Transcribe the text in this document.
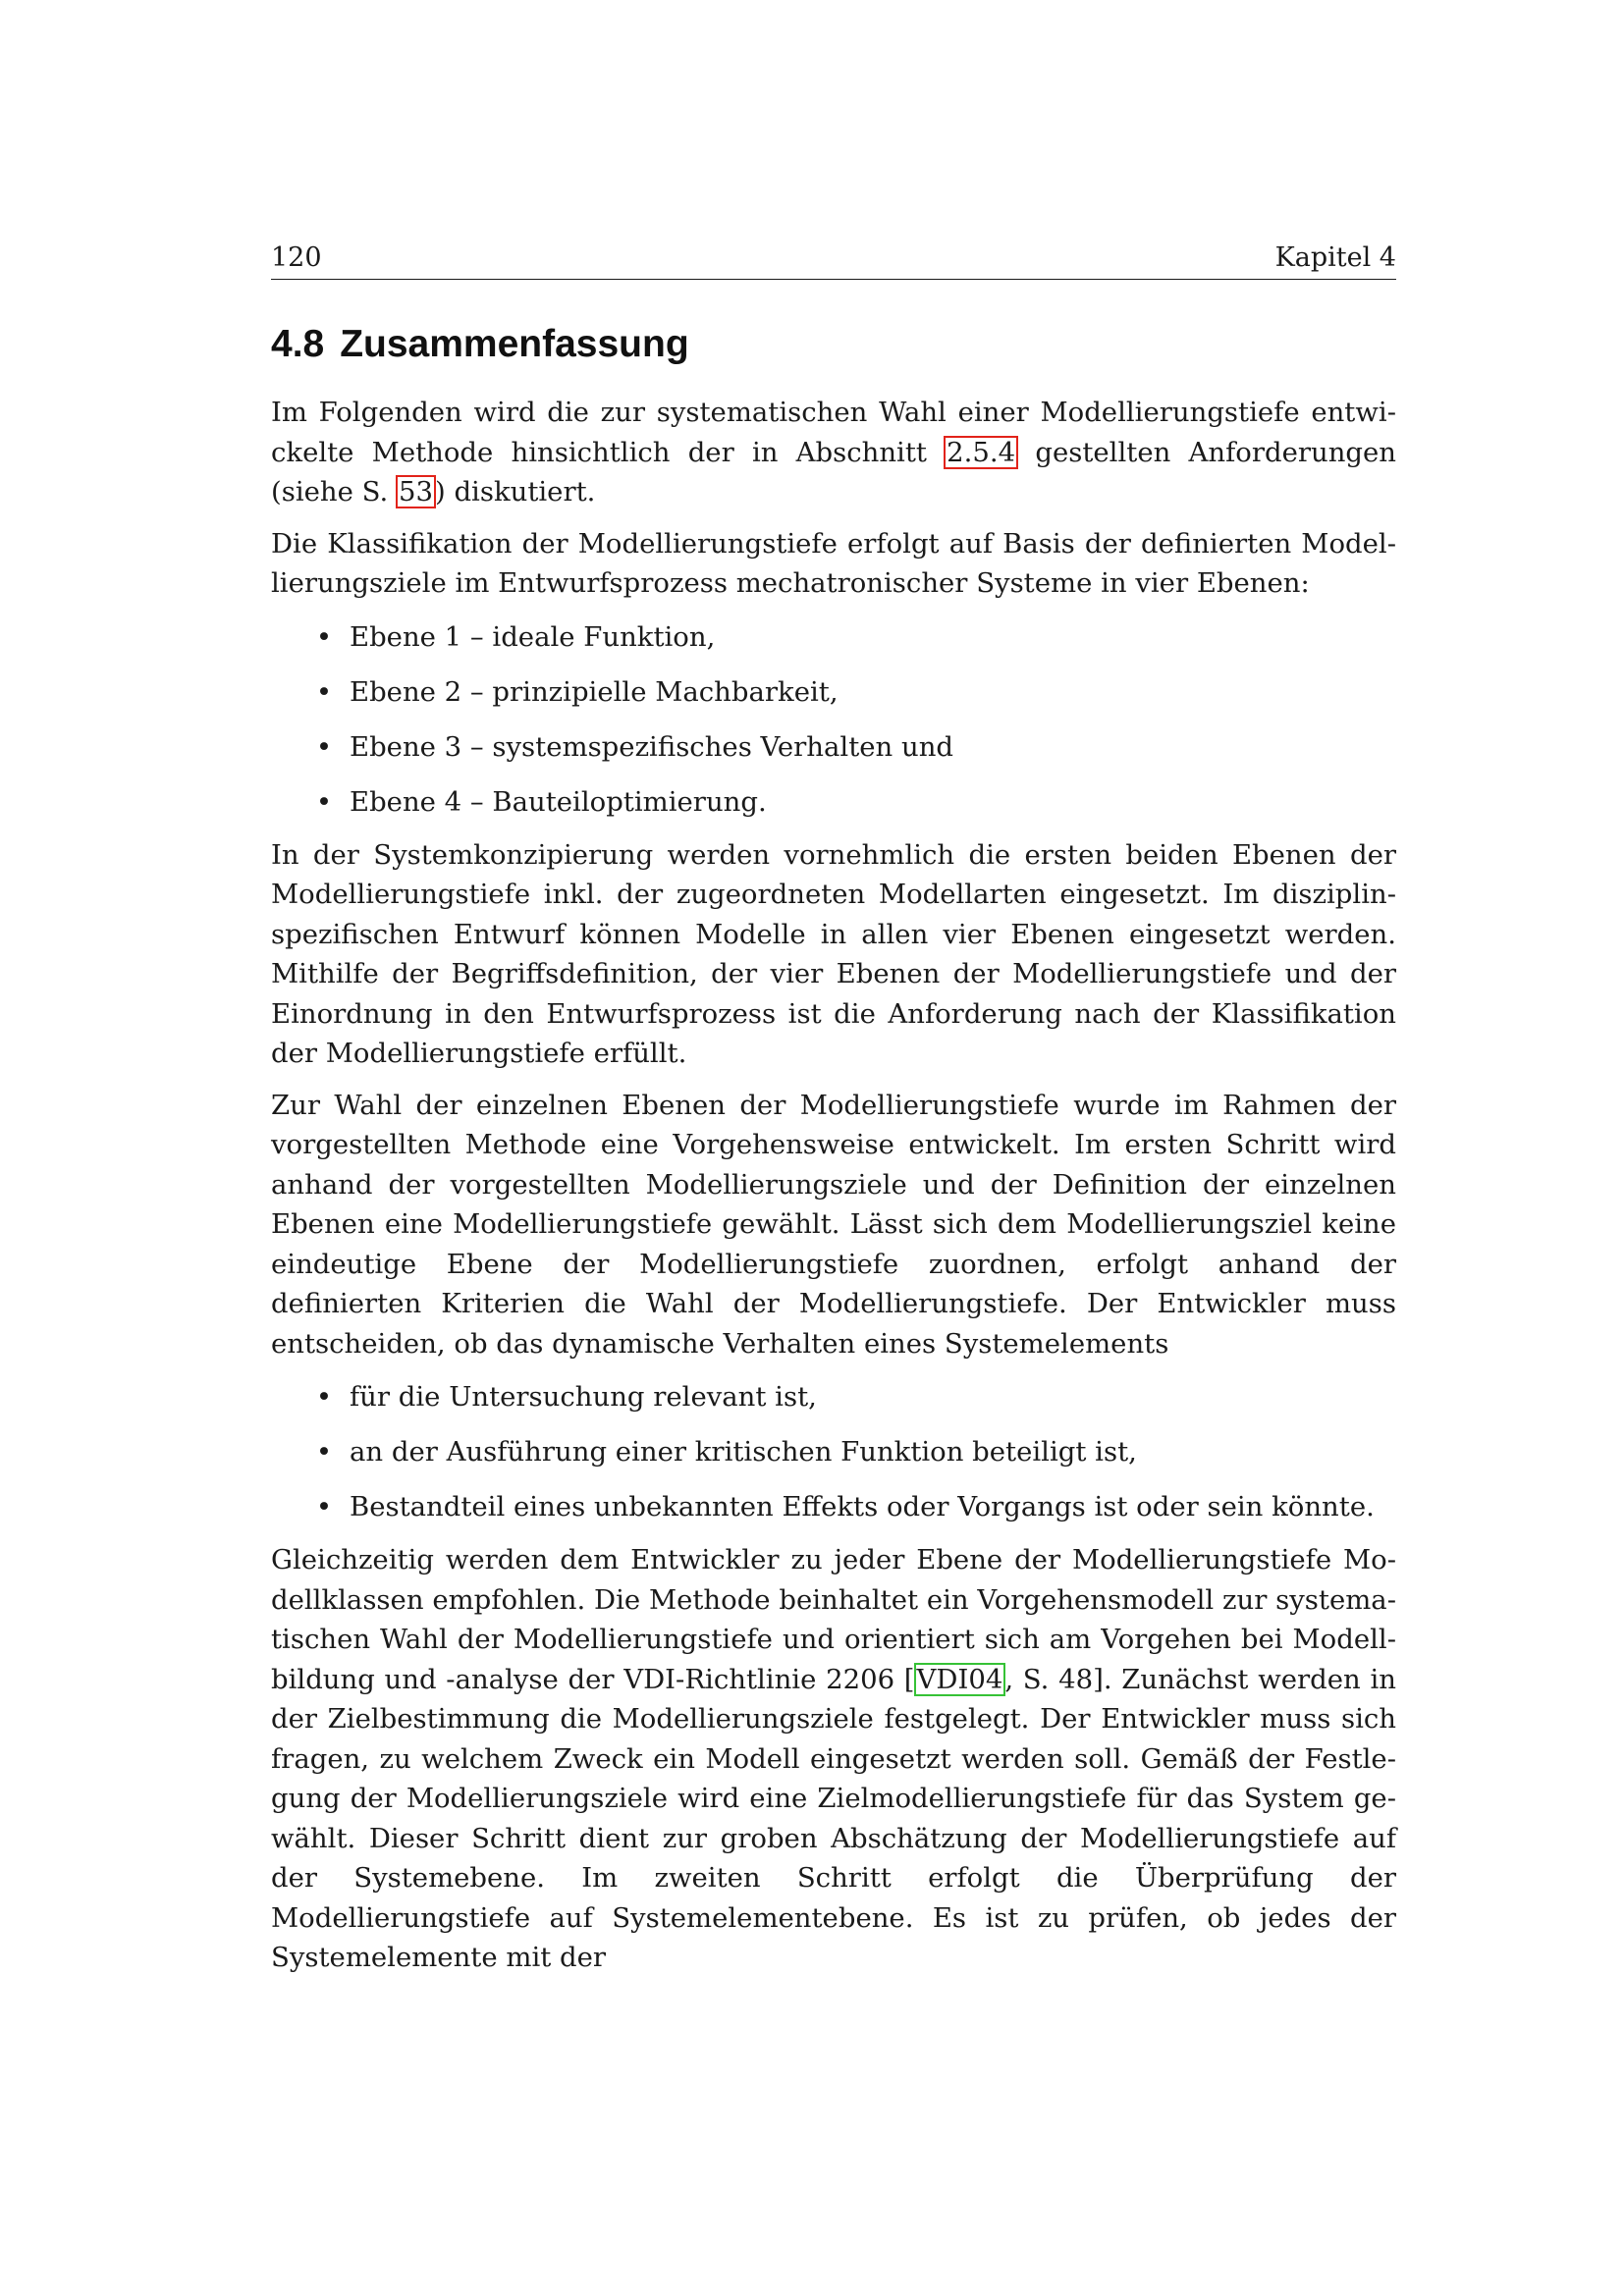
120	Kapitel 4
4.8 Zusammenfassung

Im Folgenden wird die zur systematischen Wahl einer Modellierungstiefe entwickelte Methode hinsichtlich der in Abschnitt 2.5.4 gestellten Anforderungen (siehe S. 53) diskutiert.

Die Klassifikation der Modellierungstiefe erfolgt auf Basis der definierten Modellierungsziele im Entwurfsprozess mechatronischer Systeme in vier Ebenen:

• Ebene 1 – ideale Funktion,
• Ebene 2 – prinzipielle Machbarkeit,
• Ebene 3 – systemspezifisches Verhalten und
• Ebene 4 – Bauteiloptimierung.

In der Systemkonzipierung werden vornehmlich die ersten beiden Ebenen der Modellierungstiefe inkl. der zugeordneten Modellarten eingesetzt. Im disziplinspezifischen Entwurf können Modelle in allen vier Ebenen eingesetzt werden. Mithilfe der Begriffsdefinition, der vier Ebenen der Modellierungstiefe und der Einordnung in den Entwurfsprozess ist die Anforderung nach der Klassifikation der Modellierungstiefe erfüllt.

Zur Wahl der einzelnen Ebenen der Modellierungstiefe wurde im Rahmen der vorgestellten Methode eine Vorgehensweise entwickelt. Im ersten Schritt wird anhand der vorgestellten Modellierungsziele und der Definition der einzelnen Ebenen eine Modellierungstiefe gewählt. Lässt sich dem Modellierungsziel keine eindeutige Ebene der Modellierungstiefe zuordnen, erfolgt anhand der definierten Kriterien die Wahl der Modellierungstiefe. Der Entwickler muss entscheiden, ob das dynamische Verhalten eines Systemelements

• für die Untersuchung relevant ist,
• an der Ausführung einer kritischen Funktion beteiligt ist,
• Bestandteil eines unbekannten Effekts oder Vorgangs ist oder sein könnte.

Gleichzeitig werden dem Entwickler zu jeder Ebene der Modellierungstiefe Modellklassen empfohlen. Die Methode beinhaltet ein Vorgehensmodell zur systematischen Wahl der Modellierungstiefe und orientiert sich am Vorgehen bei Modellbildung und -analyse der VDI-Richtlinie 2206 [VDI04, S. 48]. Zunächst werden in der Zielbestimmung die Modellierungsziele festgelegt. Der Entwickler muss sich fragen, zu welchem Zweck ein Modell eingesetzt werden soll. Gemäß der Festlegung der Modellierungsziele wird eine Zielmodellierungstiefe für das System gewählt. Dieser Schritt dient zur groben Abschätzung der Modellierungstiefe auf der Systemebene. Im zweiten Schritt erfolgt die Überprüfung der Modellierungstiefe auf Systemelementebene. Es ist zu prüfen, ob jedes der Systemelemente mit der
